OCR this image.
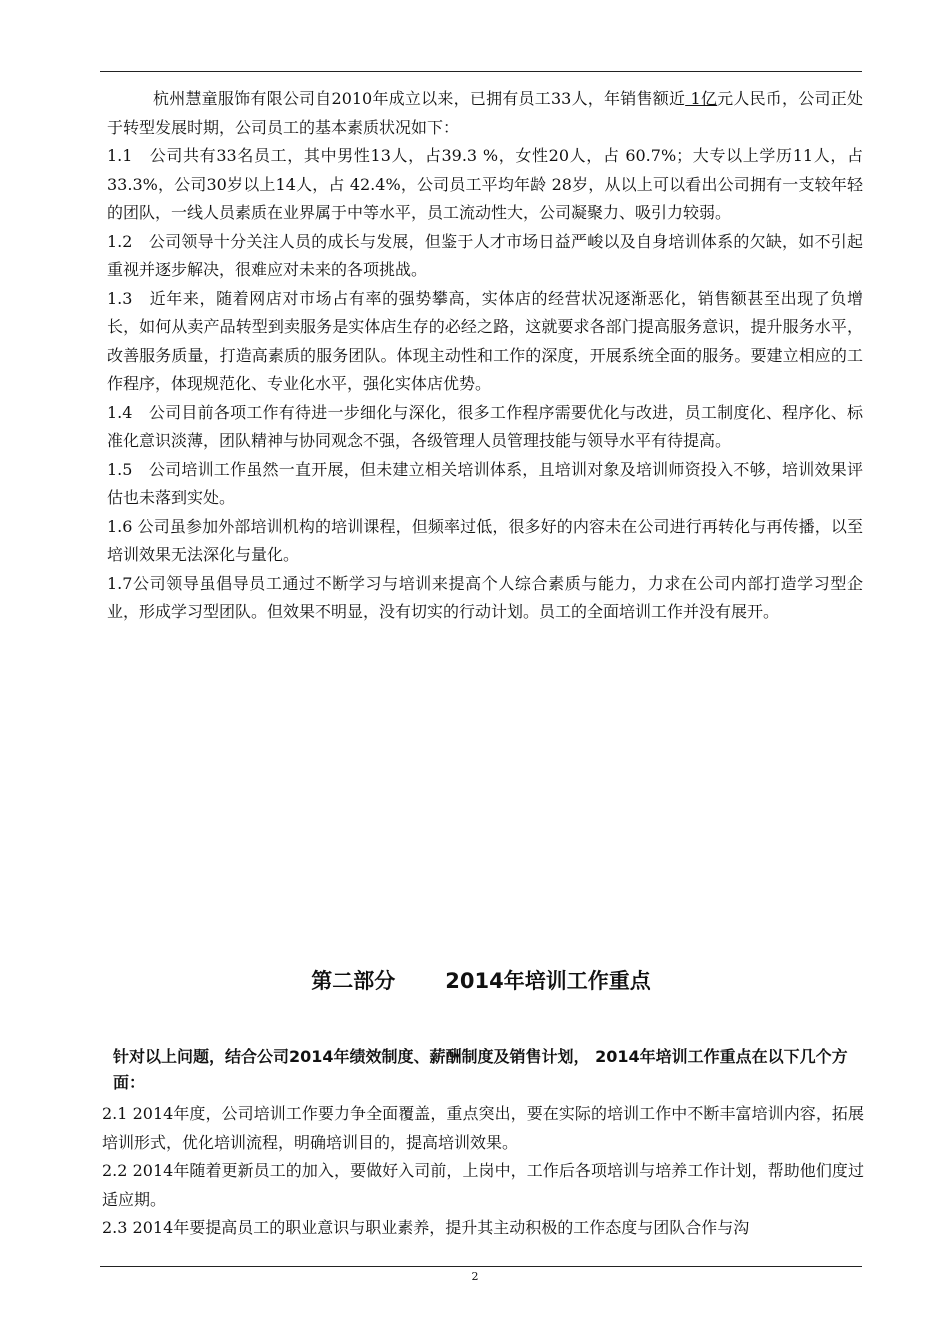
杭州慧童服饰有限公司自2010年成立以来，已拥有员工33人，年销售额近 1亿元人民币，公司正处于转型发展时期，公司员工的基本素质状况如下：

1.1　公司共有33名员工，其中男性13人，占39.3 %，女性20人，占 60.7%；大专以上学历11人，占33.3%，公司30岁以上14人，占 42.4%，公司员工平均年龄 28岁，从以上可以看出公司拥有一支较年轻的团队，一线人员素质在业界属于中等水平，员工流动性大，公司凝聚力、吸引力较弱。

1.2　公司领导十分关注人员的成长与发展，但鉴于人才市场日益严峻以及自身培训体系的欠缺，如不引起重视并逐步解决，很难应对未来的各项挑战。

1.3　近年来，随着网店对市场占有率的强势攀高，实体店的经营状况逐渐恶化，销售额甚至出现了负增长，如何从卖产品转型到卖服务是实体店生存的必经之路，这就要求各部门提高服务意识，提升服务水平，改善服务质量，打造高素质的服务团队。体现主动性和工作的深度，开展系统全面的服务。要建立相应的工作程序，体现规范化、专业化水平，强化实体店优势。

1.4　公司目前各项工作有待进一步细化与深化，很多工作程序需要优化与改进，员工制度化、程序化、标准化意识淡薄，团队精神与协同观念不强，各级管理人员管理技能与领导水平有待提高。

1.5　公司培训工作虽然一直开展，但未建立相关培训体系，且培训对象及培训师资投入不够，培训效果评估也未落到实处。

1.6 公司虽参加外部培训机构的培训课程，但频率过低，很多好的内容未在公司进行再转化与再传播，以至培训效果无法深化与量化。

1.7公司领导虽倡导员工通过不断学习与培训来提高个人综合素质与能力，力求在公司内部打造学习型企业，形成学习型团队。但效果不明显，没有切实的行动计划。员工的全面培训工作并没有展开。

第二部分 2014年培训工作重点
针对以上问题，结合公司2014年绩效制度、薪酬制度及销售计划， 2014年培训工作重点在以下几个方面：

2.1 2014年度，公司培训工作要力争全面覆盖，重点突出，要在实际的培训工作中不断丰富培训内容，拓展培训形式，优化培训流程，明确培训目的，提高培训效果。

2.2 2014年随着更新员工的加入，要做好入司前，上岗中，工作后各项培训与培养工作计划，帮助他们度过适应期。

2.3 2014年要提高员工的职业意识与职业素养，提升其主动积极的工作态度与团队合作与沟

2
